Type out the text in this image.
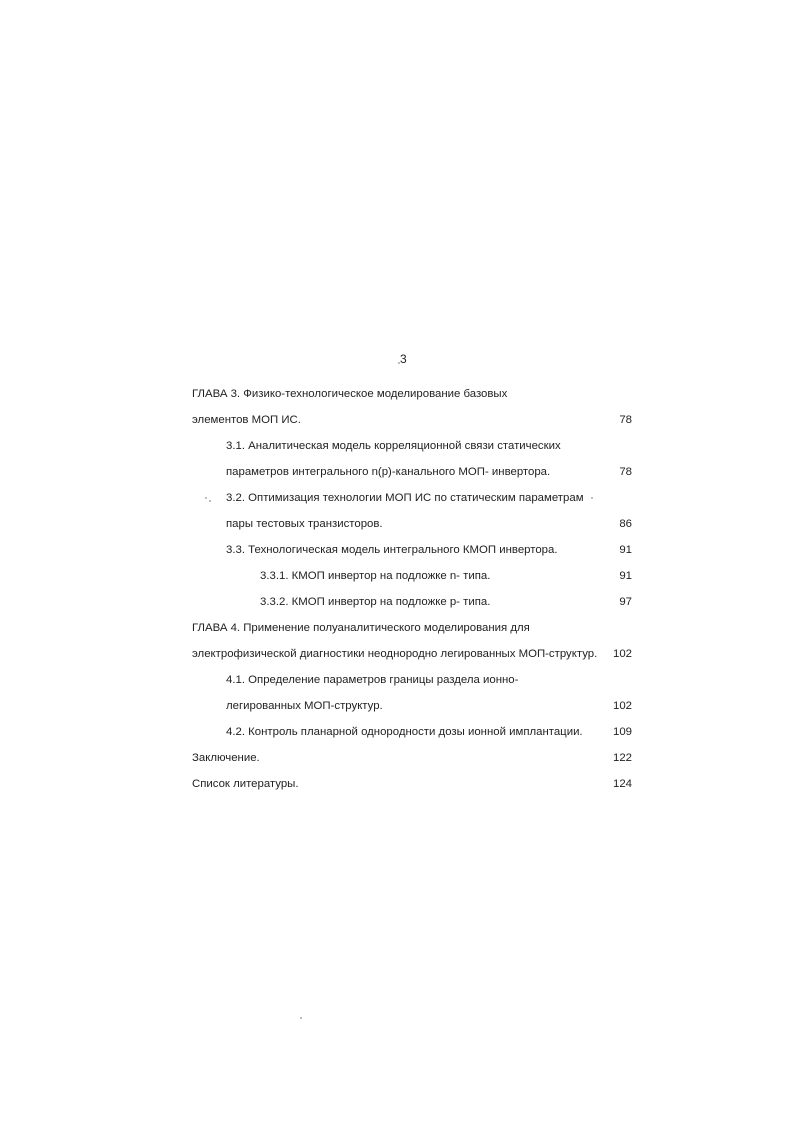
3
ГЛАВА 3. Физико-технологическое моделирование базовых
элементов МОП ИС.	78
3.1. Аналитическая модель корреляционной связи статических
параметров интегрального n(p)-канального МОП- инвертора.	78
3.2. Оптимизация технологии МОП ИС по статическим параметрам
пары тестовых транзисторов.	86
3.3. Технологическая модель интегрального КМОП инвертора.	91
3.3.1. КМОП инвертор на подложке n- типа.	91
3.3.2. КМОП инвертор на подложке p- типа.	97
ГЛАВА 4. Применение полуаналитического моделирования для
электрофизической диагностики неоднородно легированных МОП-структур. 102
4.1. Определение параметров границы раздела ионно-
легированных МОП-структур.	102
4.2. Контроль планарной однородности дозы ионной имплантации.	109
Заключение.	122
Список литературы.	124
